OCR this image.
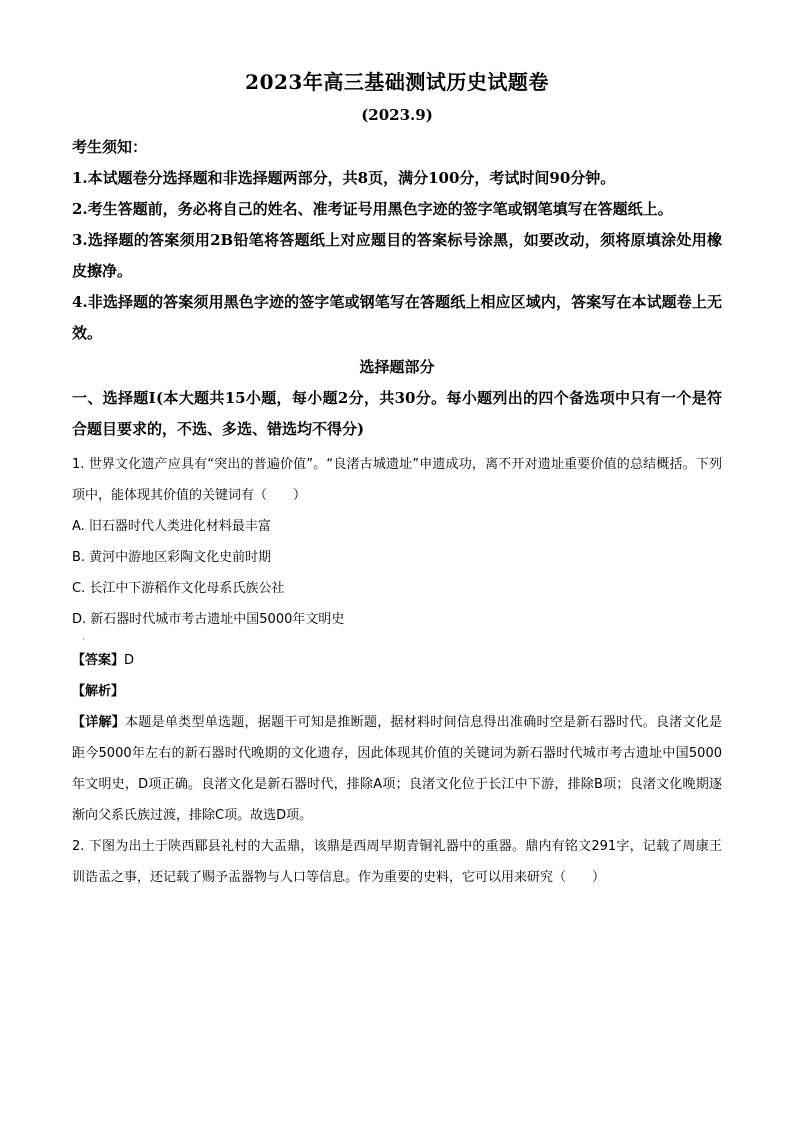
2023年高三基础测试历史试题卷
(2023.9)
考生须知：
1.本试题卷分选择题和非选择题两部分，共8页，满分100分，考试时间90分钟。
2.考生答题前，务必将自己的姓名、准考证号用黑色字迹的签字笔或钢笔填写在答题纸上。
3.选择题的答案须用2B铅笔将答题纸上对应题目的答案标号涂黑，如要改动，须将原填涂处用橡皮擦净。
4.非选择题的答案须用黑色字迹的签字笔或钢笔写在答题纸上相应区域内，答案写在本试题卷上无效。
选择题部分
一、选择题Ⅰ(本大题共15小题，每小题2分，共30分。每小题列出的四个备选项中只有一个是符合题目要求的，不选、多选、错选均不得分)
1. 世界文化遗产应具有“突出的普遍价值”。“良渚古城遗址”申遗成功，离不开对遗址重要价值的总结概括。下列项中，能体现其价值的关键词有（　　）
A. 旧石器时代人类进化材料最丰富
B. 黄河中游地区彩陶文化史前时期
C. 长江中下游稻作文化母系氏族公社
D. 新石器时代城市考古遗址中国5000年文明史
·
【答案】D
【解析】
【详解】本题是单类型单选题，据题干可知是推断题，据材料时间信息得出准确时空是新石器时代。良渚文化是距今5000年左右的新石器时代晚期的文化遗存，因此体现其价值的关键词为新石器时代城市考古遗址中国5000年文明史，D项正确。良渚文化是新石器时代，排除A项；良渚文化位于长江中下游，排除B项；良渚文化晚期逐渐向父系氏族过渡，排除C项。故选D项。
2. 下图为出土于陕西郿县礼村的大盂鼎，该鼎是西周早期青铜礼器中的重器。鼎内有铭文291字，记载了周康王训诰盂之事，还记载了赐予盂器物与人口等信息。作为重要的史料，它可以用来研究（　　）
